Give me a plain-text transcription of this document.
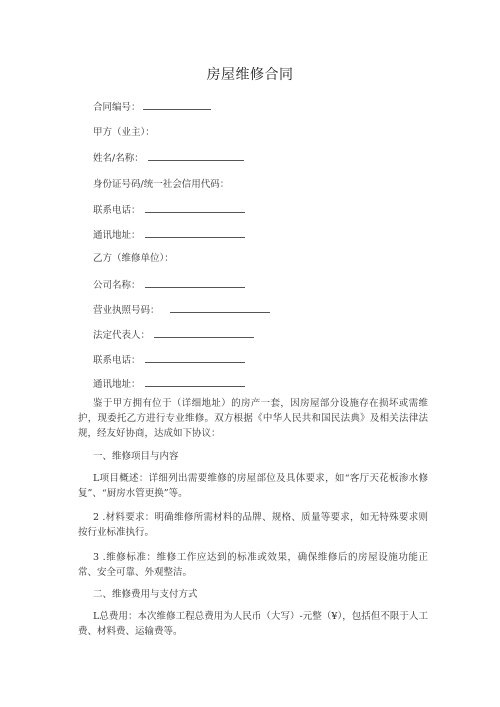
房屋维修合同
合同编号：
甲方（业主）：
姓名/名称：
身份证号码/统一社会信用代码：
联系电话：
通讯地址：
乙方（维修单位）：
公司名称：
营业执照号码：
法定代表人：
联系电话：
通讯地址：
鉴于甲方拥有位于（详细地址）的房产一套，因房屋部分设施存在损坏或需维护，现委托乙方进行专业维修。双方根据《中华人民共和国民法典》及相关法律法规，经友好协商，达成如下协议：
一、维修项目与内容
L项目概述：详细列出需要维修的房屋部位及具体要求，如“客厅天花板渗水修复”、“厨房水管更换”等。
2 .材料要求：明确维修所需材料的品牌、规格、质量等要求，如无特殊要求则按行业标准执行。
3 .维修标准：维修工作应达到的标准或效果，确保维修后的房屋设施功能正常、安全可靠、外观整洁。
二、维修费用与支付方式
L总费用：本次维修工程总费用为人民币（大写）-元整（¥），包括但不限于人工费、材料费、运输费等。
